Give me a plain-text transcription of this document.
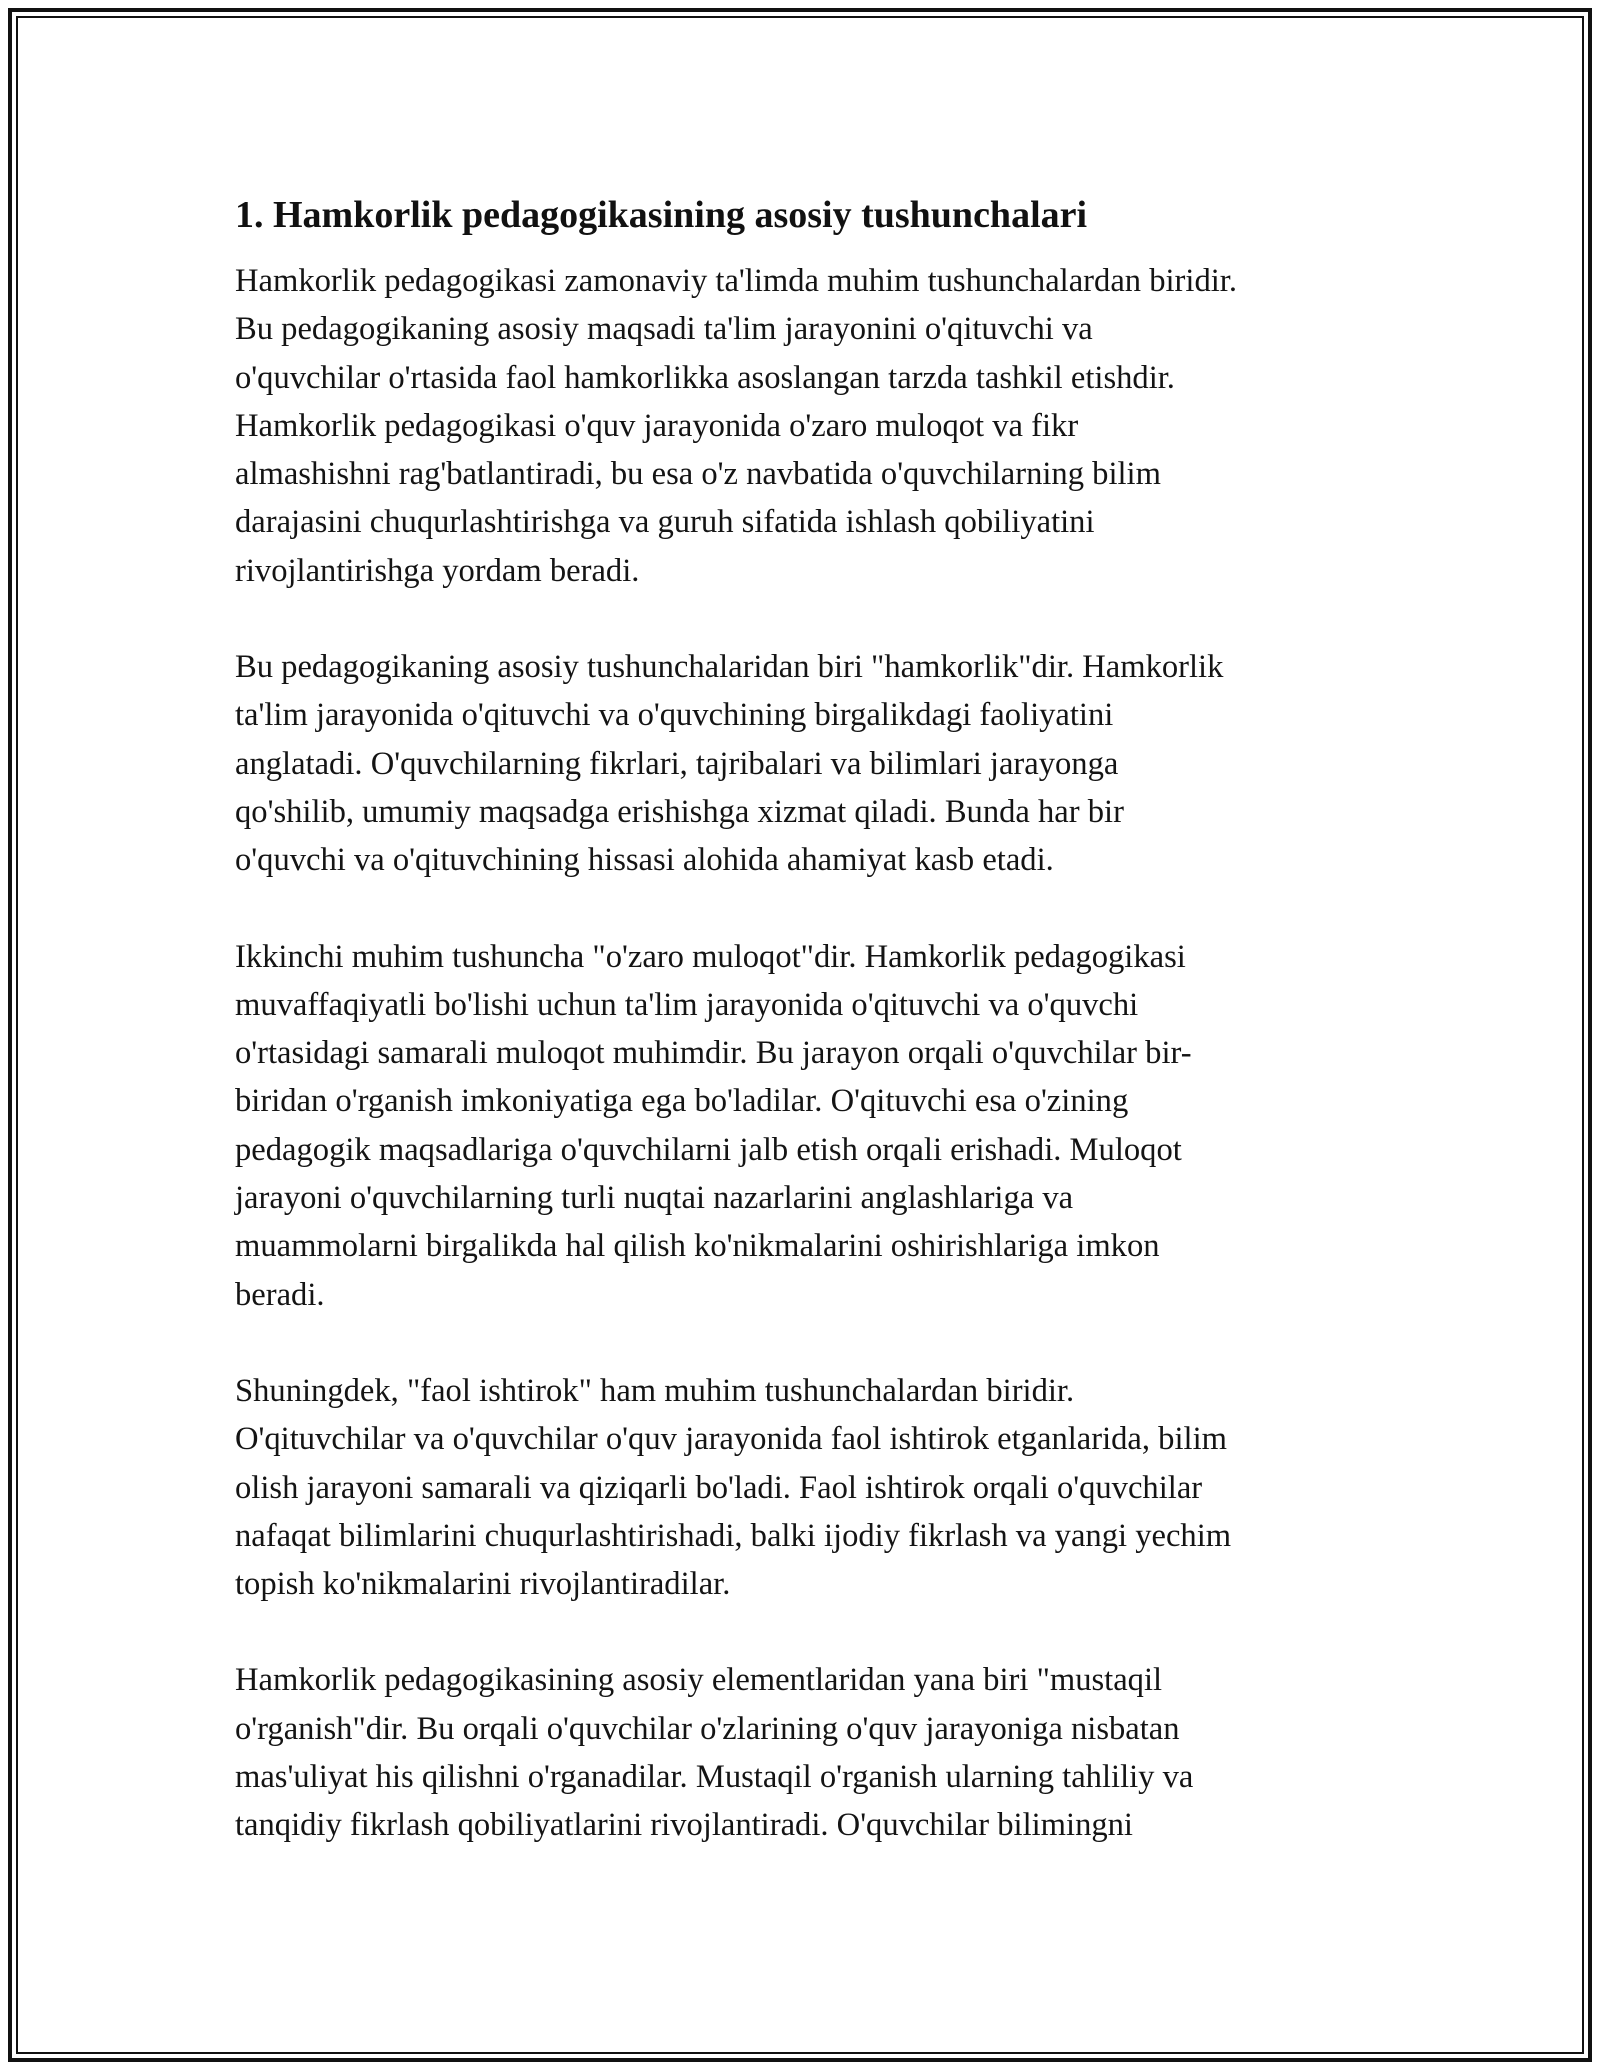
1. Hamkorlik pedagogikasining asosiy tushunchalari

Hamkorlik pedagogikasi zamonaviy ta'limda muhim tushunchalardan biridir.
Bu pedagogikaning asosiy maqsadi ta'lim jarayonini o'qituvchi va
o'quvchilar o'rtasida faol hamkorlikka asoslangan tarzda tashkil etishdir.
Hamkorlik pedagogikasi o'quv jarayonida o'zaro muloqot va fikr
almashishni rag'batlantiradi, bu esa o'z navbatida o'quvchilarning bilim
darajasini chuqurlashtirishga va guruh sifatida ishlash qobiliyatini
rivojlantirishga yordam beradi.

Bu pedagogikaning asosiy tushunchalaridan biri "hamkorlik"dir. Hamkorlik
ta'lim jarayonida o'qituvchi va o'quvchining birgalikdagi faoliyatini
anglatadi. O'quvchilarning fikrlari, tajribalari va bilimlari jarayonga
qo'shilib, umumiy maqsadga erishishga xizmat qiladi. Bunda har bir
o'quvchi va o'qituvchining hissasi alohida ahamiyat kasb etadi.

Ikkinchi muhim tushuncha "o'zaro muloqot"dir. Hamkorlik pedagogikasi
muvaffaqiyatli bo'lishi uchun ta'lim jarayonida o'qituvchi va o'quvchi
o'rtasidagi samarali muloqot muhimdir. Bu jarayon orqali o'quvchilar bir-
biridan o'rganish imkoniyatiga ega bo'ladilar. O'qituvchi esa o'zining
pedagogik maqsadlariga o'quvchilarni jalb etish orqali erishadi. Muloqot
jarayoni o'quvchilarning turli nuqtai nazarlarini anglashlariga va
muammolarni birgalikda hal qilish ko'nikmalarini oshirishlariga imkon
beradi.

Shuningdek, "faol ishtirok" ham muhim tushunchalardan biridir.
O'qituvchilar va o'quvchilar o'quv jarayonida faol ishtirok etganlarida, bilim
olish jarayoni samarali va qiziqarli bo'ladi. Faol ishtirok orqali o'quvchilar
nafaqat bilimlarini chuqurlashtirishadi, balki ijodiy fikrlash va yangi yechim
topish ko'nikmalarini rivojlantiradilar.

Hamkorlik pedagogikasining asosiy elementlaridan yana biri "mustaqil
o'rganish"dir. Bu orqali o'quvchilar o'zlarining o'quv jarayoniga nisbatan
mas'uliyat his qilishni o'rganadilar. Mustaqil o'rganish ularning tahliliy va
tanqidiy fikrlash qobiliyatlarini rivojlantiradi. O'quvchilar bilimingni
